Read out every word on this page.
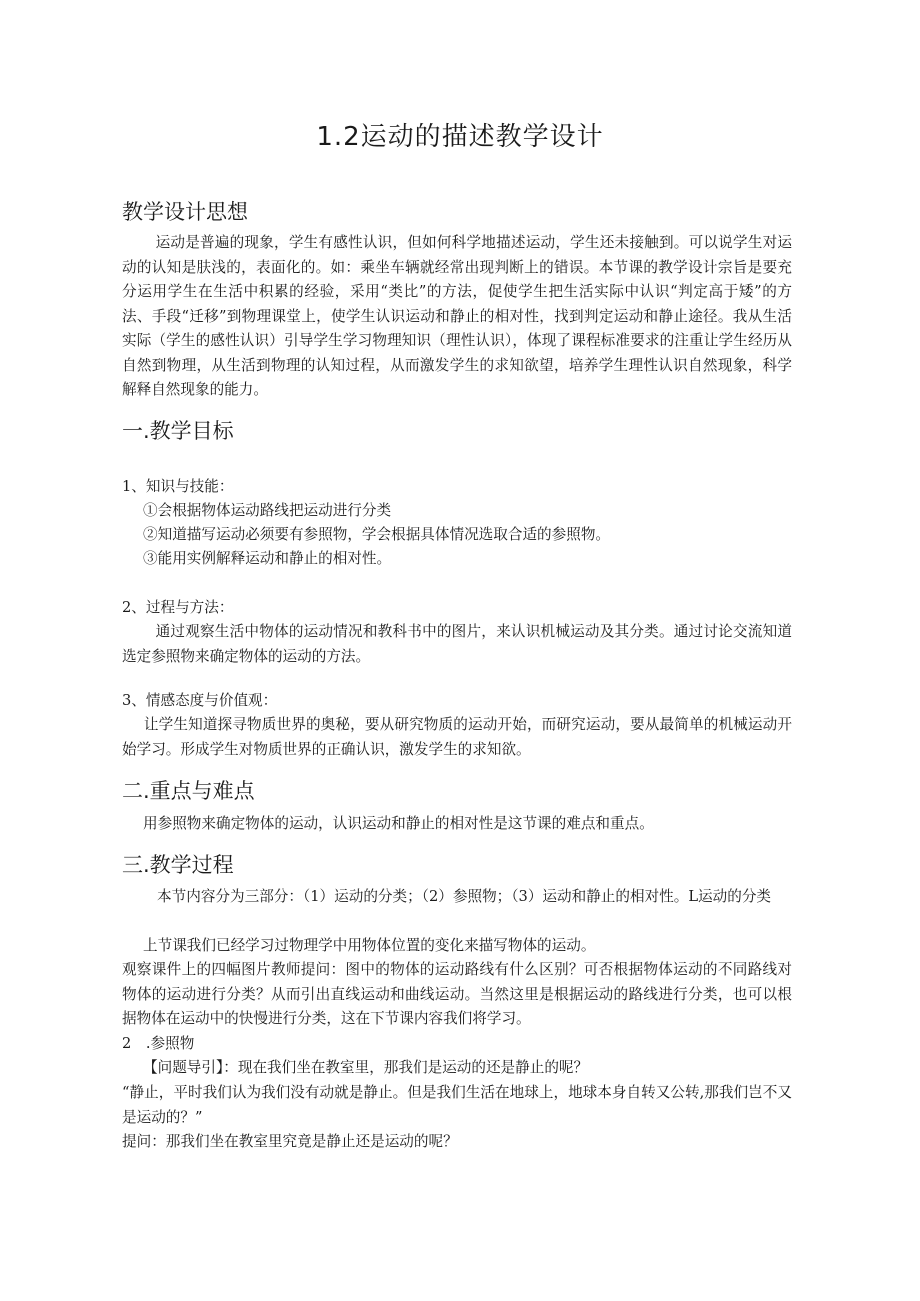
1.2运动的描述教学设计
教学设计思想
运动是普遍的现象，学生有感性认识，但如何科学地描述运动，学生还未接触到。可以说学生对运动的认知是肤浅的，表面化的。如：乘坐车辆就经常出现判断上的错误。本节课的教学设计宗旨是要充分运用学生在生活中积累的经验，采用“类比”的方法，促使学生把生活实际中认识“判定高于矮”的方法、手段“迁移”到物理课堂上，使学生认识运动和静止的相对性，找到判定运动和静止途径。我从生活实际（学生的感性认识）引导学生学习物理知识（理性认识），体现了课程标准要求的注重让学生经历从自然到物理，从生活到物理的认知过程，从而激发学生的求知欲望，培养学生理性认识自然现象，科学解释自然现象的能力。
一.教学目标
1、知识与技能：
①会根据物体运动路线把运动进行分类
②知道描写运动必须要有参照物，学会根据具体情况选取合适的参照物。
③能用实例解释运动和静止的相对性。
2、过程与方法：
通过观察生活中物体的运动情况和教科书中的图片，来认识机械运动及其分类。通过讨论交流知道选定参照物来确定物体的运动的方法。
3、情感态度与价值观：
让学生知道探寻物质世界的奥秘，要从研究物质的运动开始，而研究运动，要从最简单的机械运动开始学习。形成学生对物质世界的正确认识，激发学生的求知欲。
二.重点与难点
用参照物来确定物体的运动，认识运动和静止的相对性是这节课的难点和重点。
三.教学过程
本节内容分为三部分：（1）运动的分类；（2）参照物；（3）运动和静止的相对性。L运动的分类
上节课我们已经学习过物理学中用物体位置的变化来描写物体的运动。
观察课件上的四幅图片教师提问：图中的物体的运动路线有什么区别？可否根据物体运动的不同路线对物体的运动进行分类？从而引出直线运动和曲线运动。当然这里是根据运动的路线进行分类，也可以根据物体在运动中的快慢进行分类，这在下节课内容我们将学习。
2　.参照物
【问题导引】：现在我们坐在教室里，那我们是运动的还是静止的呢？
“静止，平时我们认为我们没有动就是静止。但是我们生活在地球上，地球本身自转又公转,那我们岂不又是运动的？”
提问：那我们坐在教室里究竟是静止还是运动的呢？
